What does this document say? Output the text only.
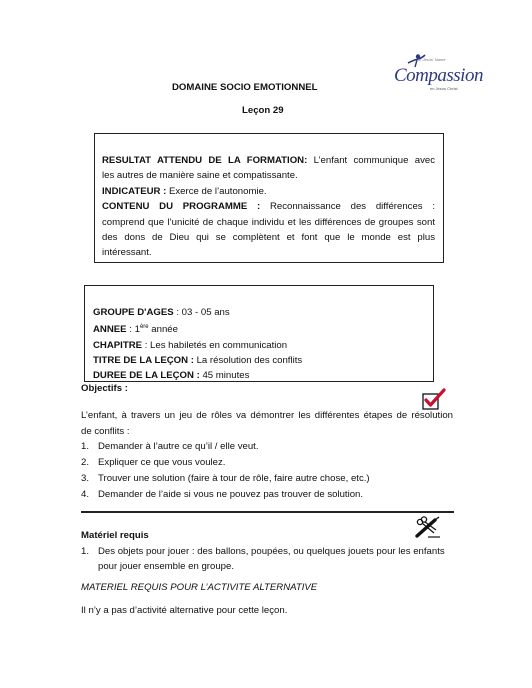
In Jesus' Name
Compassion
en Jésus Christ
DOMAINE SOCIO EMOTIONNEL
Leçon 29
RESULTAT ATTENDU DE LA FORMATION: L’enfant communique avec
les autres de manière saine et compatissante.
INDICATEUR : Exerce de l’autonomie.
CONTENU DU PROGRAMME : Reconnaissance des différences :
comprend que l’unicité de chaque individu et les différences de groupes sont
des dons de Dieu qui se complètent et font que le monde est plus
intéressant.
GROUPE D'AGES : 03 - 05 ans
ANNEE : 1ère année
CHAPITRE : Les habiletés en communication
TITRE DE LA LEÇON : La résolution des conflits
DUREE DE LA LEÇON : 45 minutes
Objectifs :
L’enfant, à travers un jeu de rôles va démontrer les différentes étapes de résolution
de conflits :
1. Demander à l’autre ce qu’il / elle veut.
2. Expliquer ce que vous voulez.
3. Trouver une solution (faire à tour de rôle, faire autre chose, etc.)
4. Demander de l’aide si vous ne pouvez pas trouver de solution.
Matériel requis
1. Des objets pour jouer : des ballons, poupées, ou quelques jouets pour les enfants
pour jouer ensemble en groupe.
MATERIEL REQUIS POUR L’ACTIVITE ALTERNATIVE
Il n’y a pas d’activité alternative pour cette leçon.
